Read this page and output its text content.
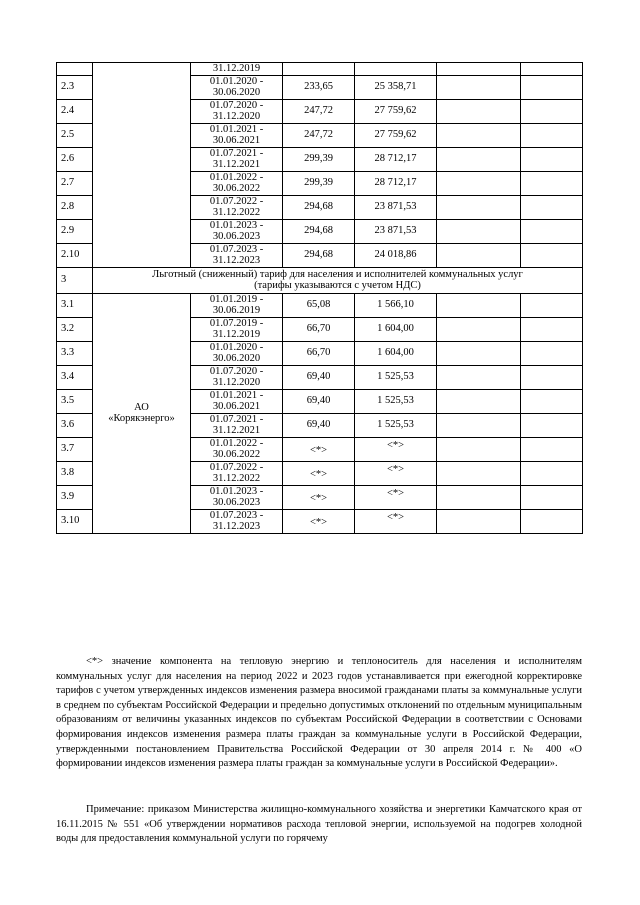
		31.12.2019				

2.3		01.01.2020 -
30.06.2020	233,65	25 358,71		
2.4		01.07.2020 -
31.12.2020	247,72	27 759,62		
2.5		01.01.2021 -
30.06.2021	247,72	27 759,62		
2.6		01.07.2021 -
31.12.2021	299,39	28 712,17		
2.7		01.01.2022 -
30.06.2022	299,39	28 712,17		
2.8		01.07.2022 -
31.12.2022	294,68	23 871,53		
2.9		01.01.2023 -
30.06.2023	294,68	23 871,53		
2.10		01.07.2023 -
31.12.2023	294,68	24 018,86		
3	Льготный (сниженный) тариф для населения и исполнителей коммунальных услуг
(тарифы указываются с учетом НДС)					

3.1	АО
«Корякэнерго»	01.01.2019 -
30.06.2019	65,08	1 566,10		
3.2		01.07.2019 -
31.12.2019	66,70	1 604,00		
3.3		01.01.2020 -
30.06.2020	66,70	1 604,00		
3.4		01.07.2020 -
31.12.2020	69,40	1 525,53		
3.5		01.01.2021 -
30.06.2021	69,40	1 525,53		
3.6		01.07.2021 -
31.12.2021	69,40	1 525,53		
3.7		01.01.2022 -
30.06.2022	<*>	<*>		
3.8		01.07.2022 -
31.12.2022	<*>	<*>		
3.9		01.01.2023 -
30.06.2023	<*>	<*>		
3.10		01.07.2023 -
31.12.2023	<*>	<*>		
<*> значение компонента на тепловую энергию и теплоноситель для населения и исполнителям коммунальных услуг для населения на период 2022 и 2023 годов устанавливается при ежегодной корректировке тарифов с учетом утвержденных индексов изменения размера вносимой гражданами платы за коммунальные услуги в среднем по субъектам Российской Федерации и предельно допустимых отклонений по отдельным муниципальным образованиям от величины указанных индексов по субъектам Российской Федерации в соответствии с Основами формирования индексов изменения размера платы граждан за коммунальные услуги в Российской Федерации, утвержденными постановлением Правительства Российской Федерации от 30 апреля 2014 г. № 400 «О формировании индексов изменения размера платы граждан за коммунальные услуги в Российской Федерации».
Примечание: приказом Министерства жилищно-коммунального хозяйства и энергетики Камчатского края от 16.11.2015 № 551 «Об утверждении нормативов расхода тепловой энергии, используемой на подогрев холодной воды для предоставления коммунальной услуги по горячему
